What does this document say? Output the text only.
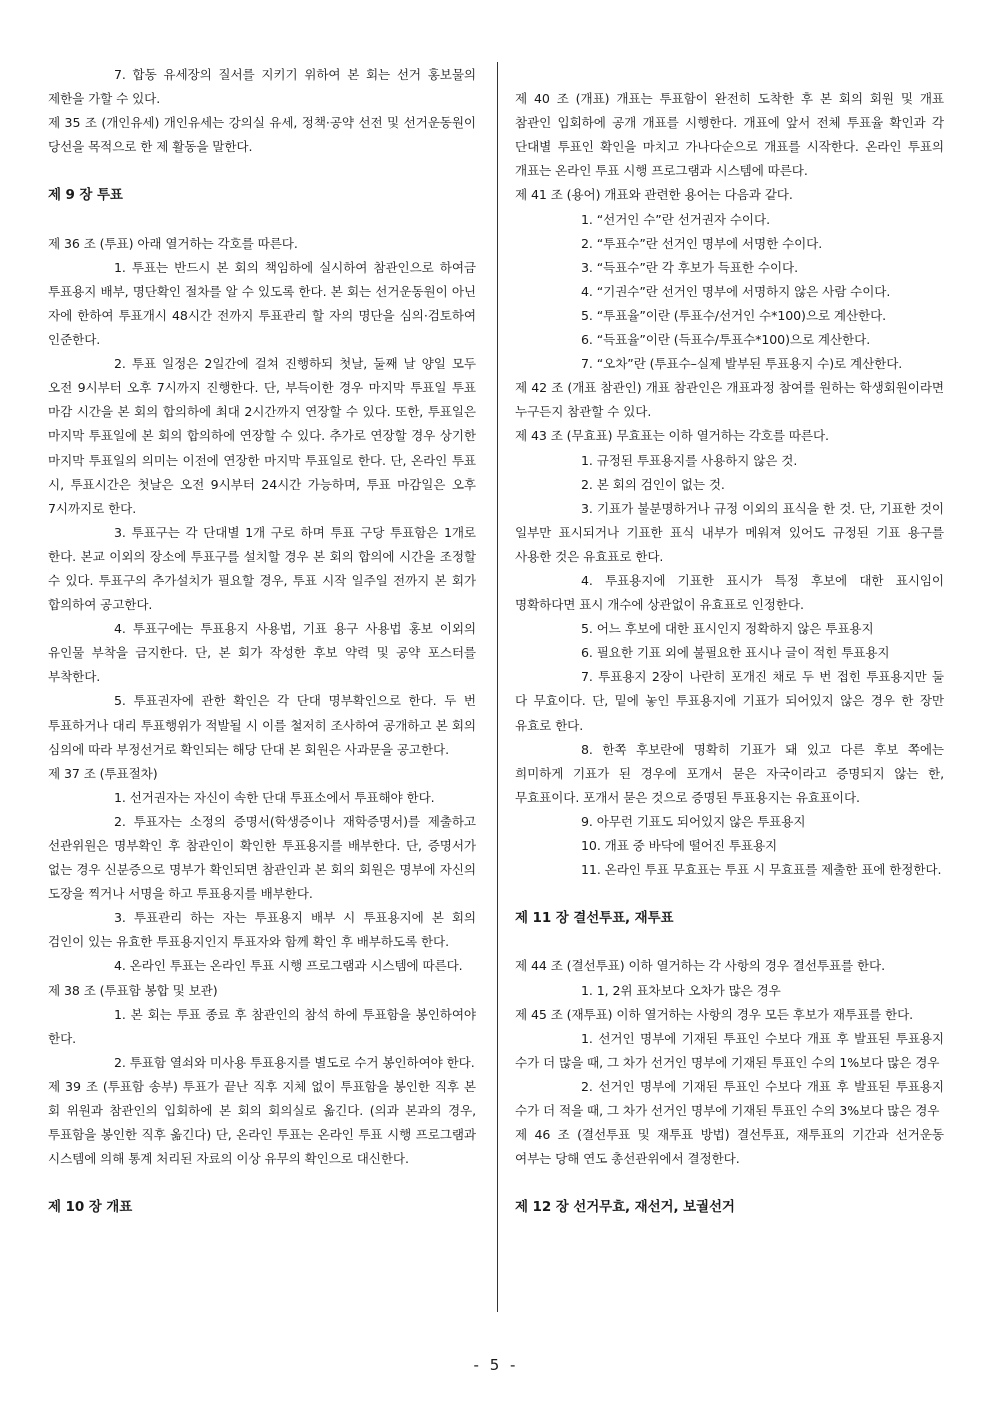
7. 합동 유세장의 질서를 지키기 위하여 본 회는 선거 홍보물의 제한을 가할 수 있다.

제 35 조 (개인유세) 개인유세는 강의실 유세, 정책·공약 선전 및 선거운동원이 당선을 목적으로 한 제 활동을 말한다.

제 9 장 투표

제 36 조 (투표) 아래 열거하는 각호를 따른다.

1. 투표는 반드시 본 회의 책임하에 실시하여 참관인으로 하여금 투표용지 배부, 명단확인 절차를 알 수 있도록 한다. 본 회는 선거운동원이 아닌 자에 한하여 투표개시 48시간 전까지 투표관리 할 자의 명단을 심의·검토하여 인준한다.

2. 투표 일정은 2일간에 걸쳐 진행하되 첫날, 둘째 날 양일 모두 오전 9시부터 오후 7시까지 진행한다. 단, 부득이한 경우 마지막 투표일 투표 마감 시간을 본 회의 합의하에 최대 2시간까지 연장할 수 있다. 또한, 투표일은 마지막 투표일에 본 회의 합의하에 연장할 수 있다. 추가로 연장할 경우 상기한 마지막 투표일의 의미는 이전에 연장한 마지막 투표일로 한다. 단, 온라인 투표 시, 투표시간은 첫날은 오전 9시부터 24시간 가능하며, 투표 마감일은 오후 7시까지로 한다.

3. 투표구는 각 단대별 1개 구로 하며 투표 구당 투표함은 1개로 한다. 본교 이외의 장소에 투표구를 설치할 경우 본 회의 합의에 시간을 조정할 수 있다. 투표구의 추가설치가 필요할 경우, 투표 시작 일주일 전까지 본 회가 합의하여 공고한다.

4. 투표구에는 투표용지 사용법, 기표 용구 사용법 홍보 이외의 유인물 부착을 금지한다. 단, 본 회가 작성한 후보 약력 및 공약 포스터를 부착한다.

5. 투표권자에 관한 확인은 각 단대 명부확인으로 한다. 두 번 투표하거나 대리 투표행위가 적발될 시 이를 철저히 조사하여 공개하고 본 회의 심의에 따라 부정선거로 확인되는 해당 단대 본 회원은 사과문을 공고한다.

제 37 조 (투표절차)

1. 선거권자는 자신이 속한 단대 투표소에서 투표해야 한다.

2. 투표자는 소정의 증명서(학생증이나 재학증명서)를 제출하고 선관위원은 명부확인 후 참관인이 확인한 투표용지를 배부한다. 단, 증명서가 없는 경우 신분증으로 명부가 확인되면 참관인과 본 회의 회원은 명부에 자신의 도장을 찍거나 서명을 하고 투표용지를 배부한다.

3. 투표관리 하는 자는 투표용지 배부 시 투표용지에 본 회의 검인이 있는 유효한 투표용지인지 투표자와 함께 확인 후 배부하도록 한다.

4. 온라인 투표는 온라인 투표 시행 프로그램과 시스템에 따른다.

제 38 조 (투표함 봉합 및 보관)

1. 본 회는 투표 종료 후 참관인의 참석 하에 투표함을 봉인하여야 한다.

2. 투표함 열쇠와 미사용 투표용지를 별도로 수거 봉인하여야 한다.

제 39 조 (투표함 송부) 투표가 끝난 직후 지체 없이 투표함을 봉인한 직후 본 회 위원과 참관인의 입회하에 본 회의 회의실로 옮긴다. (의과 본과의 경우, 투표함을 봉인한 직후 옮긴다) 단, 온라인 투표는 온라인 투표 시행 프로그램과 시스템에 의해 통계 처리된 자료의 이상 유무의 확인으로 대신한다.

제 10 장 개표

제 40 조 (개표) 개표는 투표함이 완전히 도착한 후 본 회의 회원 및 개표 참관인 입회하에 공개 개표를 시행한다. 개표에 앞서 전체 투표율 확인과 각 단대별 투표인 확인을 마치고 가나다순으로 개표를 시작한다. 온라인 투표의 개표는 온라인 투표 시행 프로그램과 시스템에 따른다.

제 41 조 (용어) 개표와 관련한 용어는 다음과 같다.

1. “선거인 수”란 선거권자 수이다.

2. “투표수”란 선거인 명부에 서명한 수이다.

3. “득표수”란 각 후보가 득표한 수이다.

4. “기권수”란 선거인 명부에 서명하지 않은 사람 수이다.

5. “투표율”이란 (투표수/선거인 수*100)으로 계산한다.

6. “득표율”이란 (득표수/투표수*100)으로 계산한다.

7. “오차”란 (투표수–실제 발부된 투표용지 수)로 계산한다.

제 42 조 (개표 참관인) 개표 참관인은 개표과정 참여를 원하는 학생회원이라면 누구든지 참관할 수 있다.

제 43 조 (무효표) 무효표는 이하 열거하는 각호를 따른다.

1. 규정된 투표용지를 사용하지 않은 것.

2. 본 회의 검인이 없는 것.

3. 기표가 불분명하거나 규정 이외의 표식을 한 것. 단, 기표한 것이 일부만 표시되거나 기표한 표식 내부가 메워져 있어도 규정된 기표 용구를 사용한 것은 유효표로 한다.

4. 투표용지에 기표한 표시가 특정 후보에 대한 표시임이 명확하다면 표시 개수에 상관없이 유효표로 인정한다.

5. 어느 후보에 대한 표시인지 정확하지 않은 투표용지

6. 필요한 기표 외에 불필요한 표시나 글이 적힌 투표용지

7. 투표용지 2장이 나란히 포개진 채로 두 번 접힌 투표용지만 둘 다 무효이다. 단, 밑에 놓인 투표용지에 기표가 되어있지 않은 경우 한 장만 유효로 한다.

8. 한쪽 후보란에 명확히 기표가 돼 있고 다른 후보 쪽에는 희미하게 기표가 된 경우에 포개서 묻은 자국이라고 증명되지 않는 한, 무효표이다. 포개서 묻은 것으로 증명된 투표용지는 유효표이다.

9. 아무런 기표도 되어있지 않은 투표용지

10. 개표 중 바닥에 떨어진 투표용지

11. 온라인 투표 무효표는 투표 시 무효표를 제출한 표에 한정한다.

제 11 장 결선투표, 재투표

제 44 조 (결선투표) 이하 열거하는 각 사항의 경우 결선투표를 한다.

1. 1, 2위 표차보다 오차가 많은 경우

제 45 조 (재투표) 이하 열거하는 사항의 경우 모든 후보가 재투표를 한다.

1. 선거인 명부에 기재된 투표인 수보다 개표 후 발표된 투표용지 수가 더 많을 때, 그 차가 선거인 명부에 기재된 투표인 수의 1%보다 많은 경우

2. 선거인 명부에 기재된 투표인 수보다 개표 후 발표된 투표용지 수가 더 적을 때, 그 차가 선거인 명부에 기재된 투표인 수의 3%보다 많은 경우

제 46 조 (결선투표 및 재투표 방법) 결선투표, 재투표의 기간과 선거운동 여부는 당해 연도 총선관위에서 결정한다.

제 12 장 선거무효, 재선거, 보궐선거

- 5 -
